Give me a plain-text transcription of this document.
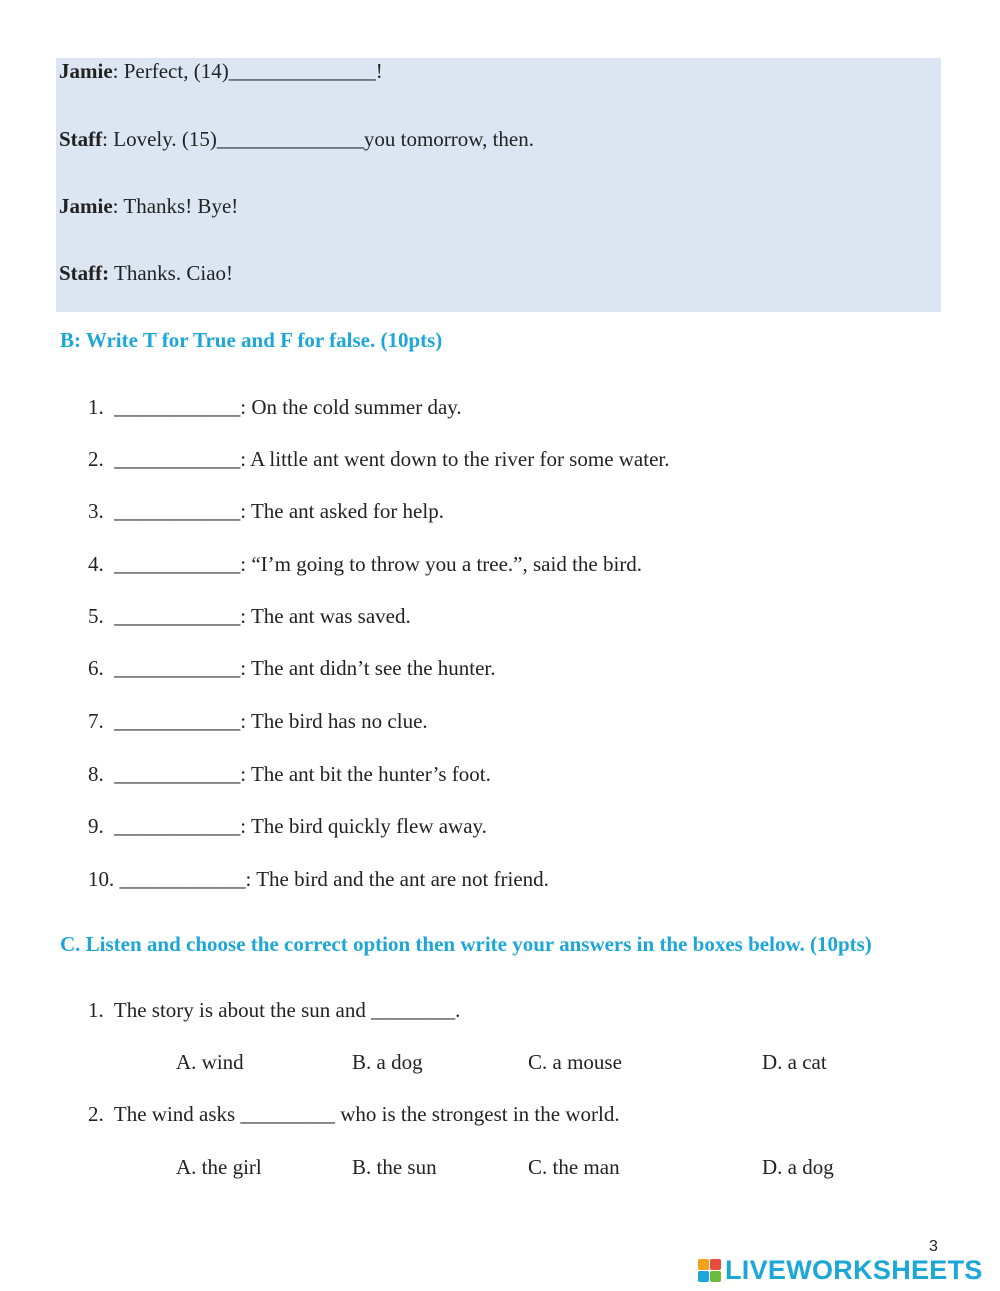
Jamie: Perfect, (14)______________!
Staff: Lovely. (15)______________you tomorrow, then.
Jamie: Thanks! Bye!
Staff: Thanks. Ciao!
B: Write T for True and F for false. (10pts)
1. ____________: On the cold summer day.
2. ____________: A little ant went down to the river for some water.
3. ____________: The ant asked for help.
4. ____________: “I’m going to throw you a tree.”, said the bird.
5. ____________: The ant was saved.
6. ____________: The ant didn’t see the hunter.
7. ____________: The bird has no clue.
8. ____________: The ant bit the hunter’s foot.
9. ____________: The bird quickly flew away.
10. ____________: The bird and the ant are not friend.
C. Listen and choose the correct option then write your answers in the boxes below. (10pts)
1. The story is about the sun and ________.
A. wind	B. a dog	C. a mouse	D. a cat
2. The wind asks _________ who is the strongest in the world.
A. the girl	B. the sun	C. the man	D. a dog
3
LIVEWORKSHEETS
